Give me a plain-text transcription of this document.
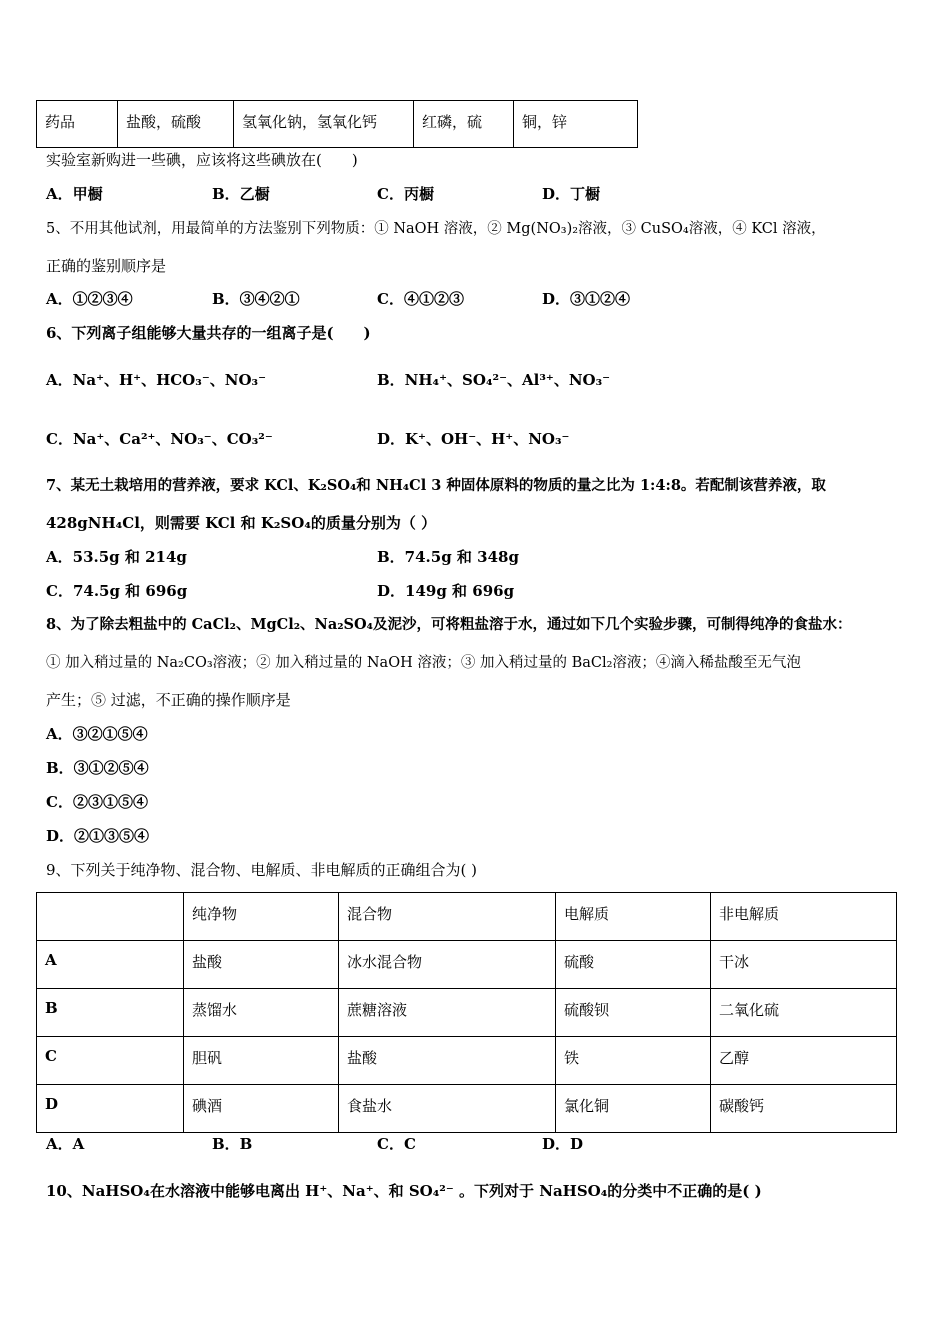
药品	盐酸，硫酸	氢氧化钠，氢氧化钙	红磷，硫	铜，锌
实验室新购进一些碘，应该将这些碘放在(　　)
A．甲橱	B．乙橱	C．丙橱	D．丁橱
5、不用其他试剂，用最简单的方法鉴别下列物质：① NaOH 溶液，② Mg(NO₃)₂溶液，③ CuSO₄溶液，④ KCl 溶液，
正确的鉴别顺序是
A．①②③④	B．③④②①	C．④①②③	D．③①②④
6、下列离子组能够大量共存的一组离子是(　　)
A．Na⁺、H⁺、HCO₃⁻、NO₃⁻	B．NH₄⁺、SO₄²⁻、Al³⁺、NO₃⁻
C．Na⁺、Ca²⁺、NO₃⁻、CO₃²⁻	D．K⁺、OH⁻、H⁺、NO₃⁻
7、某无土栽培用的营养液，要求 KCl、K₂SO₄和 NH₄Cl 3 种固体原料的物质的量之比为 1:4:8。若配制该营养液，取
428gNH₄Cl，则需要 KCl 和 K₂SO₄的质量分别为（ ）
A．53.5g 和 214g	B．74.5g 和 348g
C．74.5g 和 696g	D．149g 和 696g
8、为了除去粗盐中的 CaCl₂、MgCl₂、Na₂SO₄及泥沙，可将粗盐溶于水，通过如下几个实验步骤，可制得纯净的食盐水：
① 加入稍过量的 Na₂CO₃溶液；② 加入稍过量的 NaOH 溶液；③ 加入稍过量的 BaCl₂溶液；④滴入稀盐酸至无气泡
产生；⑤ 过滤，不正确的操作顺序是
A．③②①⑤④
B．③①②⑤④
C．②③①⑤④
D．②①③⑤④
9、下列关于纯净物、混合物、电解质、非电解质的正确组合为( )
	纯净物	混合物	电解质	非电解质
A	盐酸	冰水混合物	硫酸	干冰
B	蒸馏水	蔗糖溶液	硫酸钡	二氧化硫
C	胆矾	盐酸	铁	乙醇
D	碘酒	食盐水	氯化铜	碳酸钙
A．A	B．B	C．C	D．D
10、NaHSO₄在水溶液中能够电离出 H⁺、Na⁺、和 SO₄²⁻ 。下列对于 NaHSO₄的分类中不正确的是( )
